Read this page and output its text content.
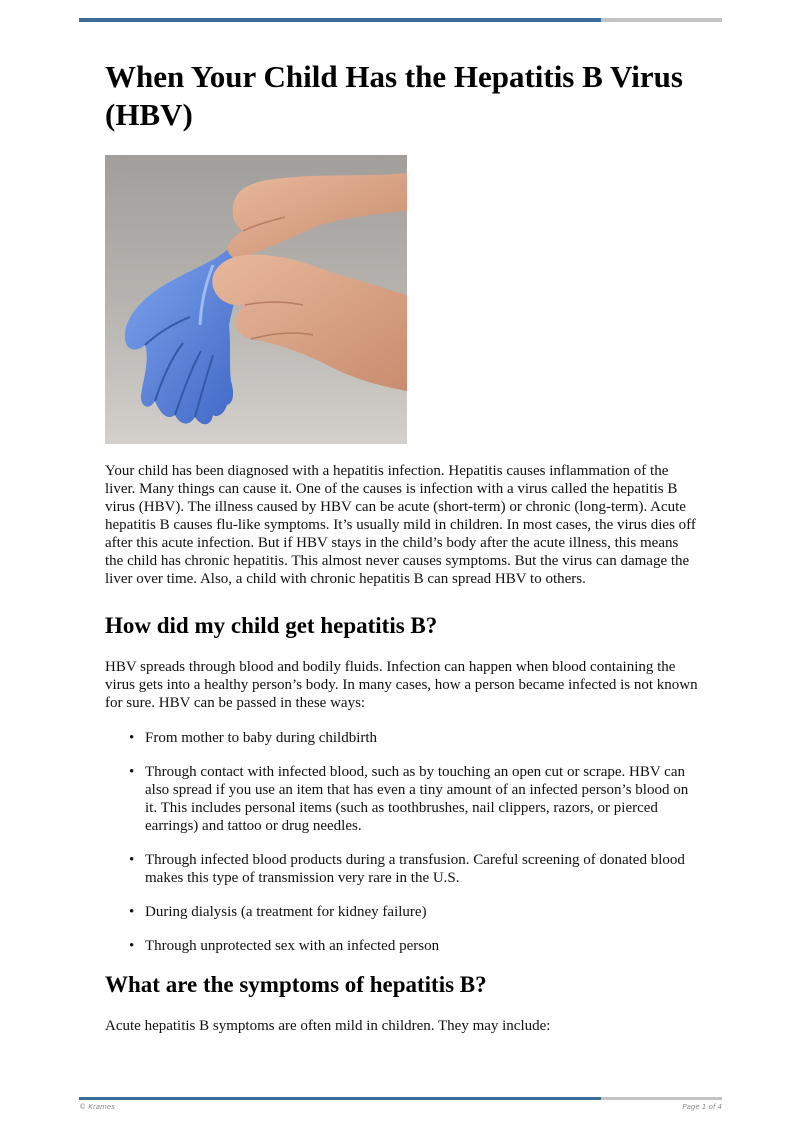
When Your Child Has the Hepatitis B Virus (HBV)

Your child has been diagnosed with a hepatitis infection. Hepatitis causes inflammation of the liver. Many things can cause it. One of the causes is infection with a virus called the hepatitis B virus (HBV). The illness caused by HBV can be acute (short-term) or chronic (long-term). Acute hepatitis B causes flu-like symptoms. It’s usually mild in children. In most cases, the virus dies off after this acute infection. But if HBV stays in the child’s body after the acute illness, this means the child has chronic hepatitis. This almost never causes symptoms. But the virus can damage the liver over time. Also, a child with chronic hepatitis B can spread HBV to others.

How did my child get hepatitis B?

HBV spreads through blood and bodily fluids. Infection can happen when blood containing the virus gets into a healthy person’s body. In many cases, how a person became infected is not known for sure. HBV can be passed in these ways:

• From mother to baby during childbirth
• Through contact with infected blood, such as by touching an open cut or scrape. HBV can also spread if you use an item that has even a tiny amount of an infected person’s blood on it. This includes personal items (such as toothbrushes, nail clippers, razors, or pierced earrings) and tattoo or drug needles.
• Through infected blood products during a transfusion. Careful screening of donated blood makes this type of transmission very rare in the U.S.
• During dialysis (a treatment for kidney failure)
• Through unprotected sex with an infected person
What are the symptoms of hepatitis B?

Acute hepatitis B symptoms are often mild in children. They may include:

© Krames	Page 1 of 4
